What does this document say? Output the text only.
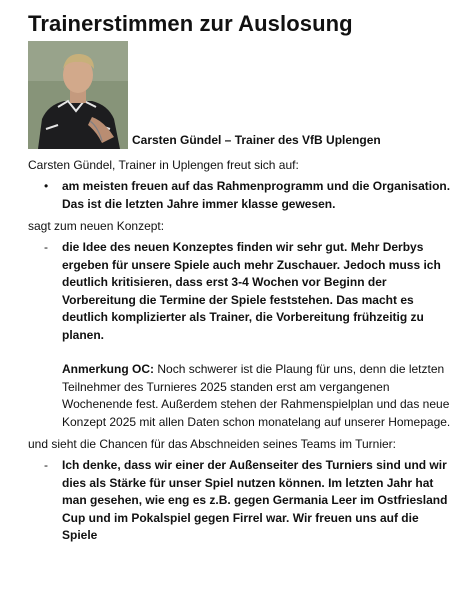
Trainerstimmen zur Auslosung
Carsten Gündel – Trainer des VfB Uplengen

Carsten Gündel, Trainer in Uplengen freut sich auf:

• am meisten freuen auf das Rahmenprogramm und die Organisation. Das ist die letzten Jahre immer klasse gewesen.

sagt zum neuen Konzept:

- die Idee des neuen Konzeptes finden wir sehr gut. Mehr Derbys ergeben für unsere Spiele auch mehr Zuschauer. Jedoch muss ich deutlich kritisieren, dass erst 3-4 Wochen vor Beginn der Vorbereitung die Termine der Spiele feststehen. Das macht es deutlich komplizierter als Trainer, die Vorbereitung frühzeitig zu planen.
Anmerkung OC: Noch schwerer ist die Plaung für uns, denn die letzten Teilnehmer des Turnieres 2025 standen erst am vergangenen Wochenende fest. Außerdem stehen der Rahmenspielplan und das neue Konzept 2025 mit allen Daten schon monatelang auf unserer Homepage.

und sieht die Chancen für das Abschneiden seines Teams im Turnier:

- Ich denke, dass wir einer der Außenseiter des Turniers sind und wir dies als Stärke für unser Spiel nutzen können. Im letzten Jahr hat man gesehen, wie eng es z.B. gegen Germania Leer im Ostfriesland Cup und im Pokalspiel gegen Firrel war. Wir freuen uns auf die Spiele
